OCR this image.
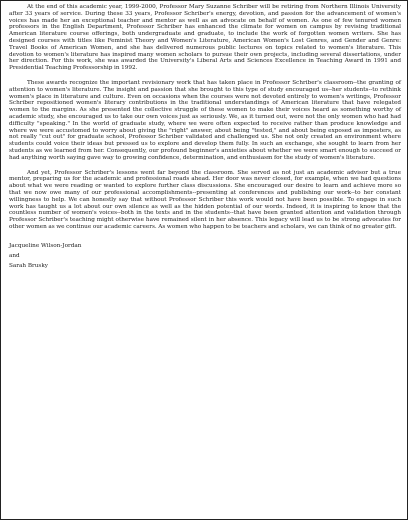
At the end of this academic year, 1999-2000, Professor Mary Suzanne Schriber will be retiring from Northern Illinois University after 33 years of service. During these 33 years, Professor Schriber's energy, devotion, and passion for the advancement of women's voices has made her an exceptional teacher and mentor as well as an advocate on behalf of women. As one of few tenured women professors in the English Department, Professor Schriber has enhanced the climate for women on campus by revising traditional American literature course offerings, both undergraduate and graduate, to include the work of forgotten women writers. She has designed courses with titles like Feminist Theory and Women's Literature, American Women's Lost Genres, and Gender and Genre: Travel Books of American Women, and she has delivered numerous public lectures on topics related to women's literature. This devotion to women's literature has inspired many women scholars to pursue their own projects, including several dissertations, under her direction. For this work, she was awarded the University's Liberal Arts and Sciences Excellence in Teaching Award in 1991 and Presidential Teaching Professorship in 1992.

These awards recognize the important revisionary work that has taken place in Professor Schriber's classroom--the granting of attention to women's literature. The insight and passion that she brought to this type of study encouraged us--her students--to rethink women's place in literature and culture. Even on occasions when the courses were not devoted entirely to women's writings, Professor Schriber repositioned women's literary contributions in the traditional understandings of American literature that have relegated women to the margins. As she presented the collective struggle of these women to make their voices heard as something worthy of academic study, she encouraged us to take our own voices just as seriously. We, as it turned out, were not the only women who had had difficulty "speaking." In the world of graduate study, where we were often expected to receive rather than produce knowledge and where we were accustomed to worry about giving the "right" answer, about being "tested," and about being exposed as imposters, as not really "cut out" for graduate school, Professor Schriber validated and challenged us. She not only created an environment where students could voice their ideas but pressed us to explore and develop them fully. In such an exchange, she sought to learn from her students as we learned from her. Consequently, our profound beginner's anxieties about whether we were smart enough to succeed or had anything worth saying gave way to growing confidence, determination, and enthusiasm for the study of women's literature.

And yet, Professor Schriber's lessons went far beyond the classroom. She served as not just an academic advisor but a true mentor, preparing us for the academic and professional roads ahead. Her door was never closed, for example, when we had questions about what we were reading or wanted to explore further class discussions. She encouraged our desire to learn and achieve more so that we now owe many of our professional accomplishments--presenting at conferences and publishing our work--to her constant willingness to help. We can honestly say that without Professor Schriber this work would not have been possible. To engage in such work has taught us a lot about our own silence as well as the hidden potential of our words. Indeed, it is inspiring to know that the countless number of women's voices--both in the texts and in the students--that have been granted attention and validation through Professor Schriber's teaching might otherwise have remained silent in her absence. This legacy will lead us to be strong advocates for other women as we continue our academic careers. As women who happen to be teachers and scholars, we can think of no greater gift.

Jacqueline Wilson-Jordan
and
Sarah Brusky
